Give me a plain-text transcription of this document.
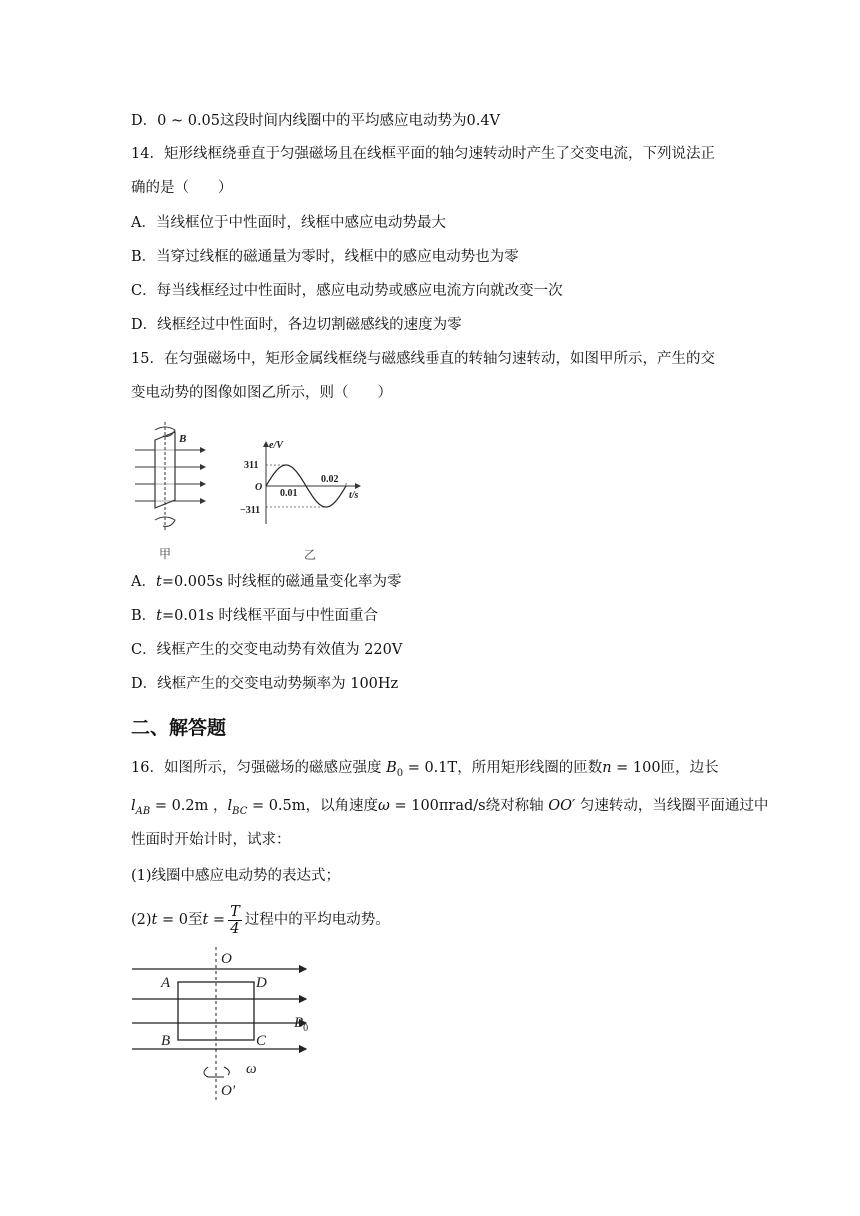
D．0 ~ 0.05这段时间内线圈中的平均感应电动势为0.4V
14．矩形线框绕垂直于匀强磁场且在线框平面的轴匀速转动时产生了交变电流，下列说法正
确的是（　　）
A．当线框位于中性面时，线框中感应电动势最大
B．当穿过线框的磁通量为零时，线框中的感应电动势也为零
C．每当线框经过中性面时，感应电动势或感应电流方向就改变一次
D．线框经过中性面时，各边切割磁感线的速度为零
15．在匀强磁场中，矩形金属线框绕与磁感线垂直的转轴匀速转动，如图甲所示，产生的交
变电动势的图像如图乙所示，则（　　）
B
甲
e/V
t/s
O
311
−311
0.01
0.02
乙
A．t=0.005s 时线框的磁通量变化率为零
B．t=0.01s 时线框平面与中性面重合
C．线框产生的交变电动势有效值为 220V
D．线框产生的交变电动势频率为 100Hz
二、解答题
16．如图所示，匀强磁场的磁感应强度 $B_0 = 0.1T$，所用矩形线圈的匝数n = 100匝，边长
$l_{AB} = 0.2m$ ，$l_{BC} = 0.5m$，以角速度ω = 100πrad/s绕对称轴 OO′ 匀速转动，当线圈平面通过中
性面时开始计时，试求：
(1)线圈中感应电动势的表达式；
(2)t = 0至$t = \frac{T}{4}$ 过程中的平均电动势。
O
A	D
B	C
$B_0$
ω
O′
